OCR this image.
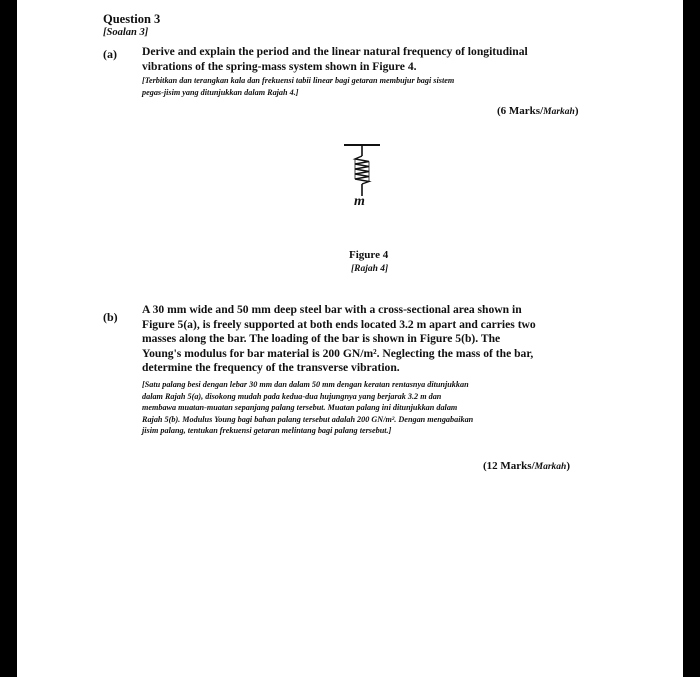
Question 3
[Soalan 3]
(a) Derive and explain the period and the linear natural frequency of longitudinal
vibrations of the spring-mass system shown in Figure 4.
[Terbitkan dan terangkan kala dan frekuensi tabii linear bagi getaran membujur bagi sistem
pegas-jisim yang ditunjukkan dalam Rajah 4.]
(6 Marks/Markah)
m
Figure 4
[Rajah 4]
(b)
A 30 mm wide and 50 mm deep steel bar with a cross-sectional area shown in
Figure 5(a), is freely supported at both ends located 3.2 m apart and carries two
masses along the bar. The loading of the bar is shown in Figure 5(b). The
Young's modulus for bar material is 200 GN/m². Neglecting the mass of the bar,
determine the frequency of the transverse vibration.
[Satu palang besi dengan lebar 30 mm dan dalam 50 mm dengan keratan rentasnya ditunjukkan
dalam Rajah 5(a), disokong mudah pada kedua-dua hujungnya yang berjarak 3.2 m dan
membawa muatan-muatan sepanjang palang tersebut. Muatan palang ini ditunjukkan dalam
Rajah 5(b). Modulus Young bagi bahan palang tersebut adalah 200 GN/m². Dengan mengabaikan
jisim palang, tentukan frekuensi getaran melintang bagi palang tersebut.]
(12 Marks/Markah)
